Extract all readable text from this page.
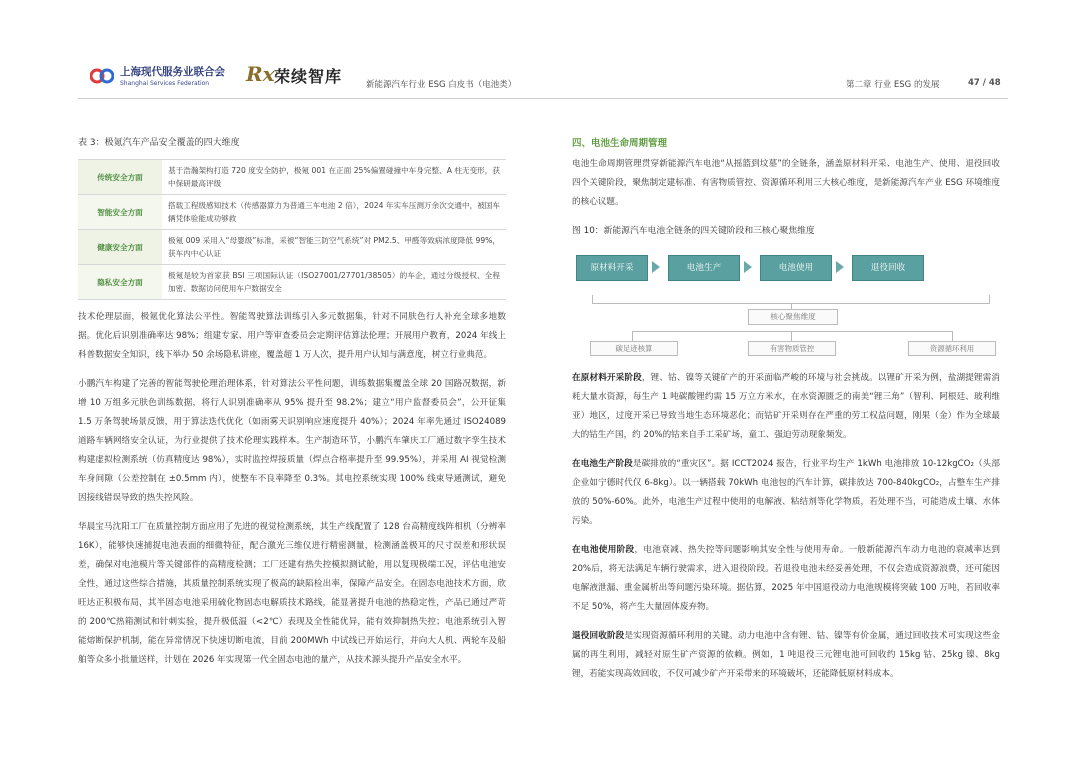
上海现代服务业联合会
Shanghai Services Federation Rx 荣续智库	新能源汽车行业 ESG 白皮书（电池类）	第二章 行业 ESG 的发展	47 / 48
表 3：极氪汽车产品安全覆盖的四大维度
传统安全方面	基于浩瀚架构打造 720 度安全防护，极氪 001 在正面 25%偏置碰撞中车身完整、A 柱无变形，获中保研最高评级
智能安全方面	搭载工程级感知技术（传感器算力为普通三车电池 2 倍），2024 年实车压测万余次交通中，被国车辆凭体验能成功够救
健康安全方面	极氪 009 采用入“母婴级”标准，采被“智能三防空气系统”对 PM2.5、甲醛等致病浓度降低 99%，获车内中心认证
隐私安全方面	极氪是较为首家获 BSI 三项国际认证（ISO27001/27701/38505）的车企，通过分级授权、全程加密、数据访问使用车户数据安全

技术伦理层面，极氪优化算法公平性。智能驾驶算法训练引入多元数据集，针对不同肤色行人补充全球多地数据。优化后识别准确率达 98%；组建专家、用户等审查委员会定期评估算法伦理；开展用户教育，2024 年线上科普数据安全知识，线下举办 50 余场隐私讲座，覆盖超 1 万人次，提升用户认知与满意度，树立行业典范。

小鹏汽车构建了完善的智能驾驶伦理治理体系，针对算法公平性问题，训练数据集覆盖全球 20 国路况数据，新增 10 万组多元肤色训练数据，将行人识别准确率从 95% 提升至 98.2%；建立“用户监督委员会”，公开征集 1.5 万条驾驶场景反馈，用于算法迭代优化（如雨雾天识别响应速度提升 40%）；2024 年率先通过 ISO24089 道路车辆网络安全认证，为行业提供了技术伦理实践样本。生产制造环节，小鹏汽车肇庆工厂通过数字孪生技术构建虚拟检测系统（仿真精度达 98%），实时监控焊接质量（焊点合格率提升至 99.95%），并采用 AI 视觉检测车身间隙（公差控制在 ±0.5mm 内），使整车不良率降至 0.3%。其电控系统实现 100% 线束导通测试，避免因接线错误导致的热失控风险。

华晨宝马沈阳工厂在质量控制方面应用了先进的视觉检测系统，其生产线配置了 128 台高精度线阵相机（分辨率 16K），能够快速捕捉电池表面的细微特征，配合激光三维仪进行精密测量，检测涵盖极耳的尺寸误差和形状误差，确保对电池模片等关键部件的高精度检测；工厂还建有热失控模拟测试舱，用以复现极端工况，评估电池安全性，通过这些综合措施，其质量控制系统实现了极高的缺陷检出率，保障产品安全。在固态电池技术方面，欣旺达正积极布局，其半固态电池采用硫化物固态电解质技术路线，能显著提升电池的热稳定性，产品已通过严苛的 200℃热箱测试和针刺实验，提升极低温（<2℃）表现及全性能优异，能有效抑制热失控；电池系统引入智能熔断保护机制，能在异常情况下快速切断电流，目前 200MWh 中试线已开始运行，并向大人机、两轮车及船舶等众多小批量送样，计划在 2026 年实现第一代全固态电池的量产，从技术源头提升产品安全水平。

四、电池生命周期管理

电池生命周期管理贯穿新能源汽车电池“从摇篮到坟墓”的全链条，涵盖原材料开采、电池生产、使用、退役回收四个关键阶段，聚焦制定建标准、有害物质管控、资源循环利用三大核心维度，是新能源汽车产业 ESG 环境维度的核心议题。

图 10：新能源汽车电池全链条的四关键阶段和三核心聚焦维度
原材料开采	电池生产	电池使用	退役回收
核心聚焦维度
碳足迹核算	有害物质管控	资源循环利用

在原材料开采阶段，锂、钴、镍等关键矿产的开采面临严峻的环境与社会挑战。以锂矿开采为例，盐湖提锂需消耗大量水资源，每生产 1 吨碳酸锂约需 15 万立方米水，在水资源匮乏的南美“锂三角”（智利、阿根廷、玻利维亚）地区，过度开采已导致当地生态环境恶化；而钴矿开采则存在严重的劳工权益问题，刚果（金）作为全球最大的钴生产国，约 20%的钴来自手工采矿场，童工、强迫劳动现象频发。

在电池生产阶段是碳排放的“重灾区”。据 ICCT2024 报告，行业平均生产 1kWh 电池排放 10-12kgCO₂（头部企业如宁德时代仅 6-8kg）。以一辆搭载 70kWh 电池包的汽车计算，碳排放达 700-840kgCO₂，占整车生产排放的 50%-60%。此外，电池生产过程中使用的电解液、粘结剂等化学物质，若处理不当，可能造成土壤、水体污染。

在电池使用阶段，电池衰减、热失控等问题影响其安全性与使用寿命。一般新能源汽车动力电池的衰减率达到 20%后，将无法满足车辆行驶需求，进入退役阶段。若退役电池未经妥善处理，不仅会造成资源浪费，还可能因电解液泄漏、重金属析出等问题污染环境。据估算，2025 年中国退役动力电池规模将突破 100 万吨，若回收率不足 50%，将产生大量固体废弃物。

退役回收阶段是实现资源循环利用的关键。动力电池中含有锂、钴、镍等有价金属，通过回收技术可实现这些金属的再生利用，减轻对原生矿产资源的依赖。例如，1 吨退役三元锂电池可回收约 15kg 钴、25kg 镍、8kg 锂，若能实现高效回收，不仅可减少矿产开采带来的环境破坏，还能降低原材料成本。
